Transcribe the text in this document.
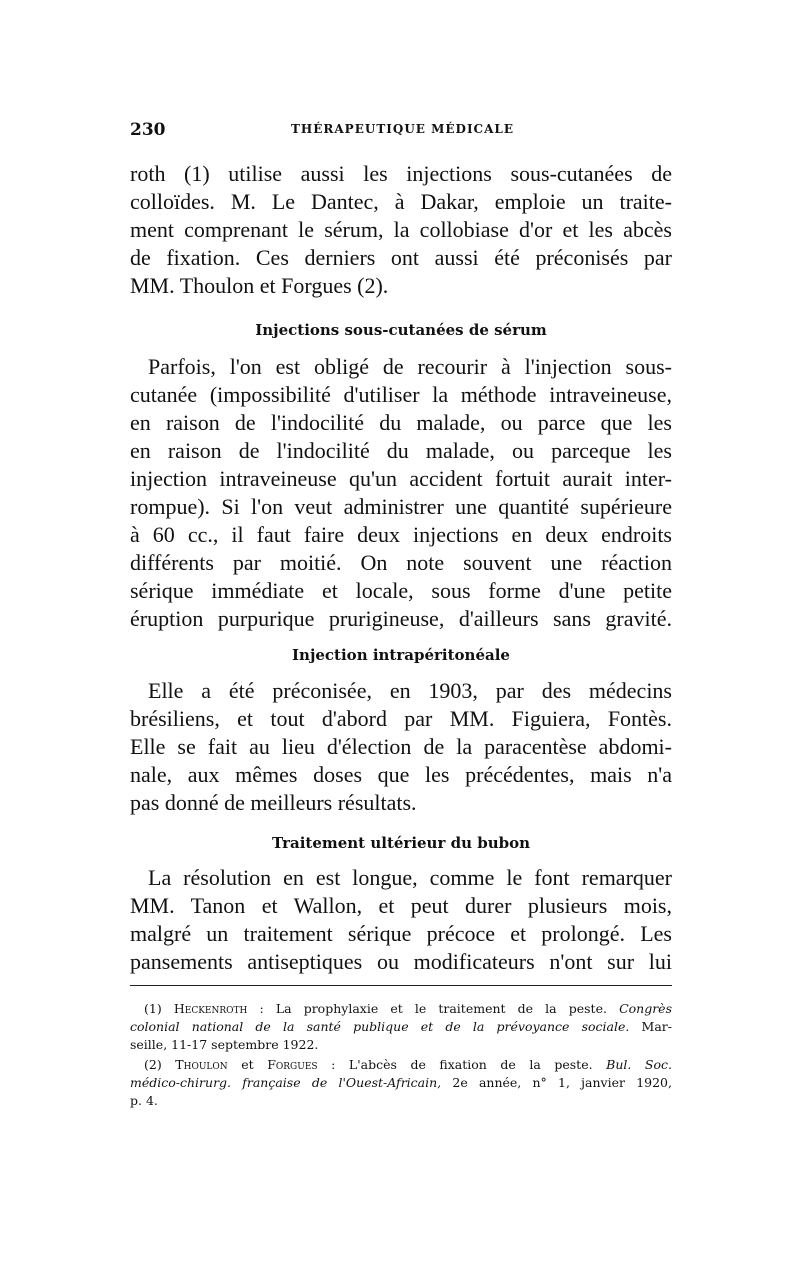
230	THÉRAPEUTIQUE MÉDICALE
roth (1) utilise aussi les injections sous-cutanées de
colloïdes. M. Le Dantec, à Dakar, emploie un traite-
ment comprenant le sérum, la collobiase d'or et les abcès
de fixation. Ces derniers ont aussi été préconisés par
MM. Thoulon et Forgues (2).
Injections sous-cutanées de sérum
Parfois, l'on est obligé de recourir à l'injection sous-
cutanée (impossibilité d'utiliser la méthode intraveineuse,
en raison de l'indocilité du malade, ou parce que les
en raison de l'indocilité du malade, ou parceque les
injection intraveineuse qu'un accident fortuit aurait inter-
rompue). Si l'on veut administrer une quantité supérieure
à 60 cc., il faut faire deux injections en deux endroits
différents par moitié. On note souvent une réaction
sérique immédiate et locale, sous forme d'une petite
éruption purpurique prurigineuse, d'ailleurs sans gravité.
Injection intrapéritonéale
Elle a été préconisée, en 1903, par des médecins
brésiliens, et tout d'abord par MM. Figuiera, Fontès.
Elle se fait au lieu d'élection de la paracentèse abdomi-
nale, aux mêmes doses que les précédentes, mais n'a
pas donné de meilleurs résultats.
Traitement ultérieur du bubon
La résolution en est longue, comme le font remarquer
MM. Tanon et Wallon, et peut durer plusieurs mois,
malgré un traitement sérique précoce et prolongé. Les
pansements antiseptiques ou modificateurs n'ont sur lui
(1) Heckenroth : La prophylaxie et le traitement de la peste. Congrès
colonial national de la santé publique et de la prévoyance sociale. Mar-
seille, 11-17 septembre 1922.
(2) Thoulon et Forgues : L'abcès de fixation de la peste. Bul. Soc.
médico-chirurg. française de l'Ouest-Africain, 2e année, n° 1, janvier 1920,
p. 4.
